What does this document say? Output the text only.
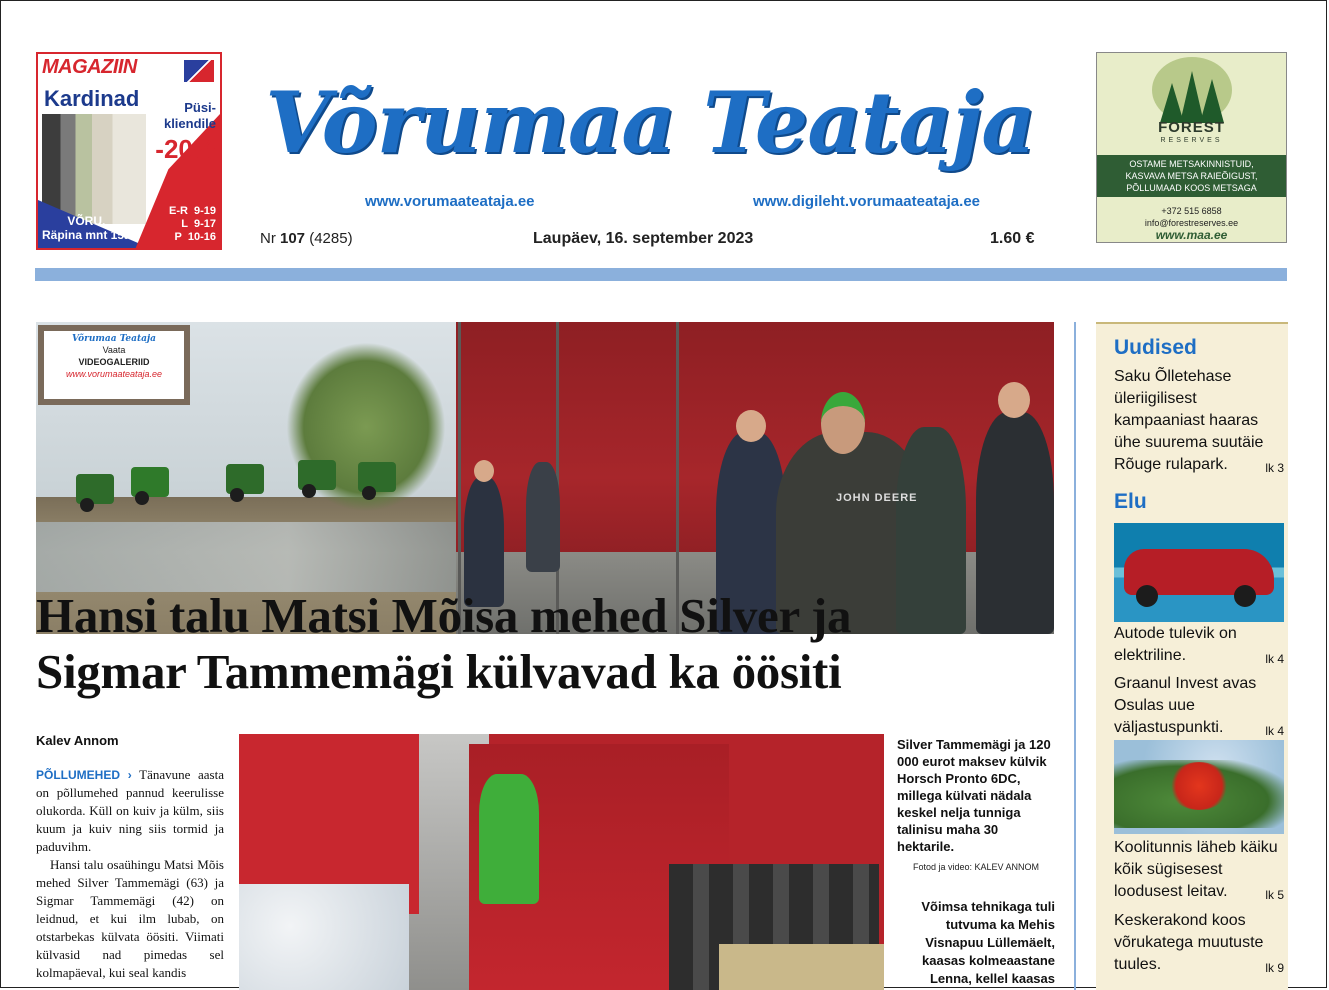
MAGAZIIN
Kardinad	Püsi-
kliendile
-20%
VÕRU,
Räpina mnt 15a
E-R 9-19
L 9-17
P 10-16
Võrumaa Teataja
www.vorumaateataja.ee	www.digileht.vorumaateataja.ee
Nr 107 (4285)	Laupäev, 16. september 2023	1.60 €
FOREST
RESERVES
OSTAME METSAKINNISTUID,
KASVAVA METSA RAIEÕIGUST,
PÕLLUMAAD KOOS METSAGA
+372 515 6858
info@forestreserves.ee
www.maa.ee
JOHN DEERE
Võrumaa Teataja
Vaata
VIDEOGALERIID
www.vorumaateataja.ee
Hansi talu Matsi Mõisa mehed Silver ja
Sigmar Tammemägi külvavad ka öösiti
Kalev Annom

PÕLLUMEHED › Tänavune aasta on põllumehed pannud keerulisse olukorda. Küll on kuiv ja külm, siis kuum ja kuiv ning siis tormid ja paduvihm.

Hansi talu osaühingu Matsi Mõis mehed Silver Tammemägi (63) ja Sigmar Tammemägi (42) on leidnud, et kui ilm lubab, on otstarbekas külvata öösiti. Viimati külvasid nad pimedas sel kolmapäeval, kui seal kandis

Silver Tammemägi ja 120 000 eurot maksev külvik Horsch Pronto 6DC, millega külvati nädala keskel nelja tunniga talinisu maha 30 hektarile.
Fotod ja video: KALEV ANNOM
Võimsa tehnikaga tuli tutvuma ka Mehis Visnapuu Lüllemäelt, kaasas kolmeaastane Lenna, kellel kaasas
Uudised
Saku Õlletehase üleriigilisest kampaaniast haaras ühe suurema suutäie Rõuge rulapark.	lk 3
Elu
Autode tulevik on elektriline.	lk 4
Graanul Invest avas Osulas uue väljastuspunkti.	lk 4
Koolitunnis läheb käiku kõik sügisesest loodusest leitav.	lk 5
Keskerakond koos võrukategа muutuste tuules.	lk 9
